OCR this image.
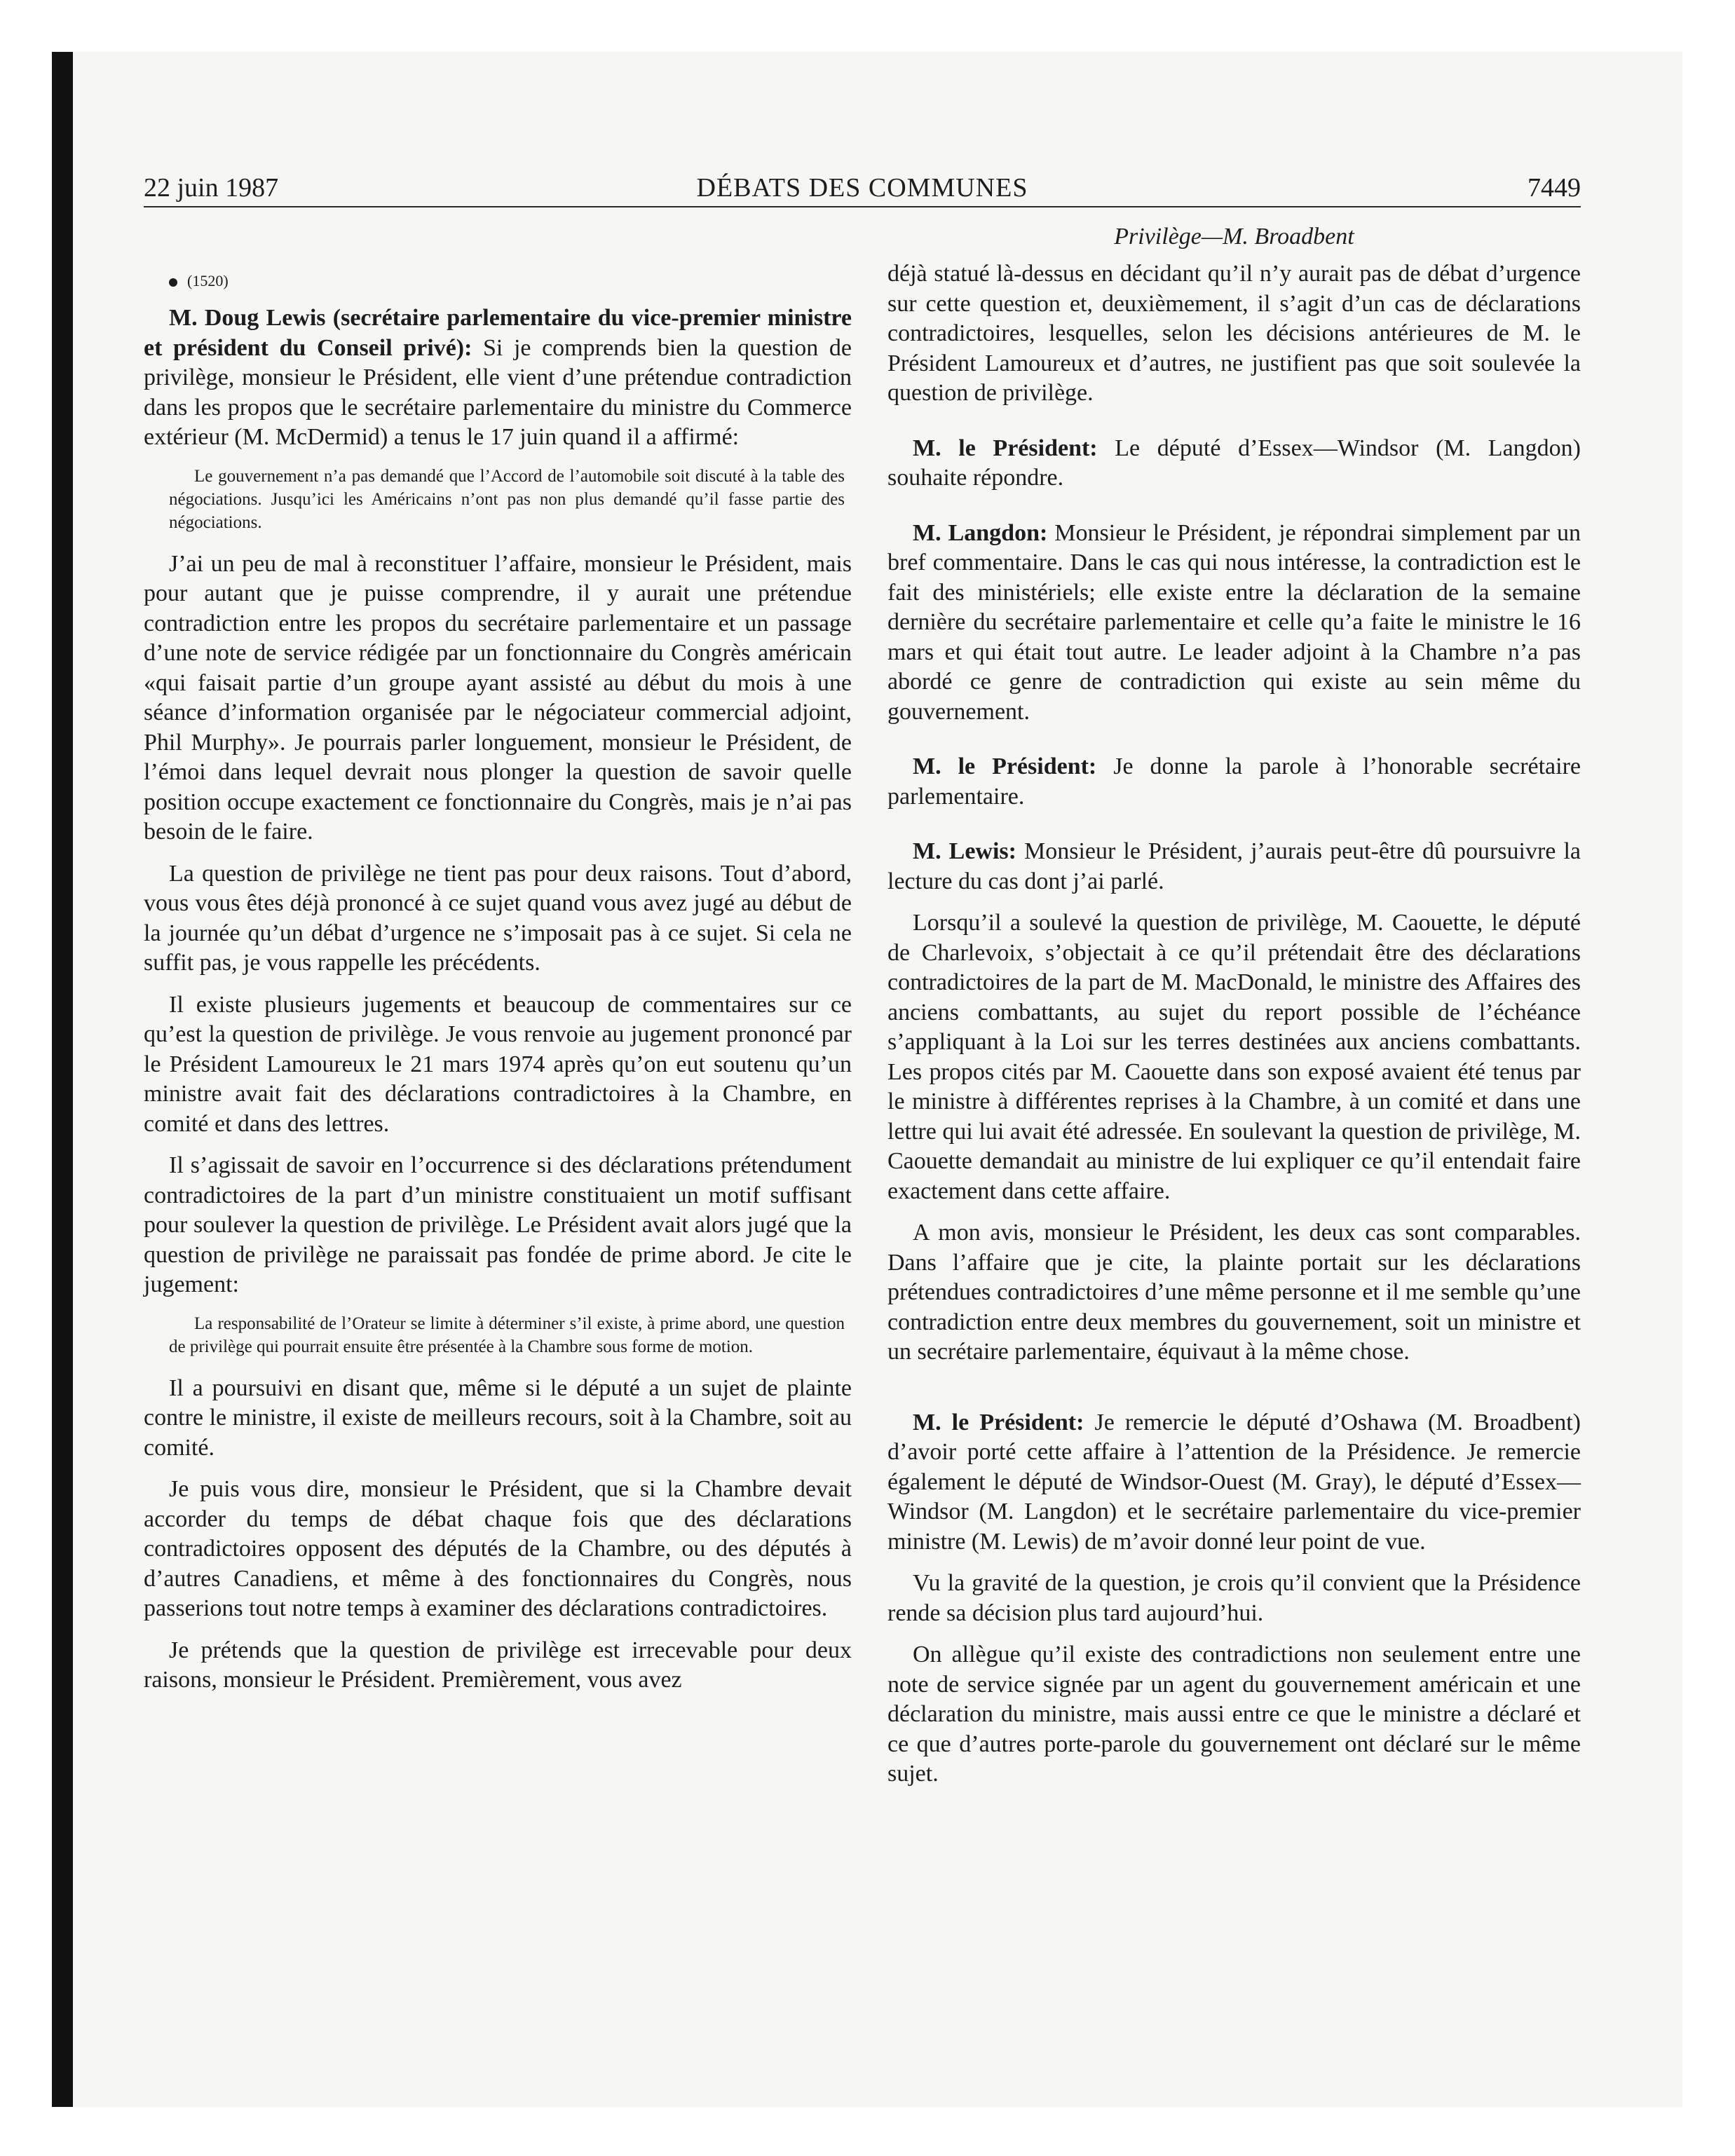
22 juin 1987	DÉBATS DES COMMUNES	7449
Privilège—M. Broadbent

(1520)

M. Doug Lewis (secrétaire parlementaire du vice-premier ministre et président du Conseil privé): Si je comprends bien la question de privilège, monsieur le Président, elle vient d’une prétendue contradiction dans les propos que le secrétaire parlementaire du ministre du Commerce extérieur (M. McDermid) a tenus le 17 juin quand il a affirmé:

Le gouvernement n’a pas demandé que l’Accord de l’automobile soit discuté à la table des négociations. Jusqu’ici les Américains n’ont pas non plus demandé qu’il fasse partie des négociations.

J’ai un peu de mal à reconstituer l’affaire, monsieur le Président, mais pour autant que je puisse comprendre, il y aurait une prétendue contradiction entre les propos du secrétaire parlementaire et un passage d’une note de service rédigée par un fonctionnaire du Congrès américain «qui faisait partie d’un groupe ayant assisté au début du mois à une séance d’information organisée par le négociateur commercial adjoint, Phil Murphy». Je pourrais parler longuement, monsieur le Président, de l’émoi dans lequel devrait nous plonger la question de savoir quelle position occupe exactement ce fonctionnaire du Congrès, mais je n’ai pas besoin de le faire.

La question de privilège ne tient pas pour deux raisons. Tout d’abord, vous vous êtes déjà prononcé à ce sujet quand vous avez jugé au début de la journée qu’un débat d’urgence ne s’imposait pas à ce sujet. Si cela ne suffit pas, je vous rappelle les précédents.

Il existe plusieurs jugements et beaucoup de commentaires sur ce qu’est la question de privilège. Je vous renvoie au jugement prononcé par le Président Lamoureux le 21 mars 1974 après qu’on eut soutenu qu’un ministre avait fait des déclarations contradictoires à la Chambre, en comité et dans des lettres.

Il s’agissait de savoir en l’occurrence si des déclarations prétendument contradictoires de la part d’un ministre constituaient un motif suffisant pour soulever la question de privilège. Le Président avait alors jugé que la question de privilège ne paraissait pas fondée de prime abord. Je cite le jugement:

La responsabilité de l’Orateur se limite à déterminer s’il existe, à prime abord, une question de privilège qui pourrait ensuite être présentée à la Chambre sous forme de motion.

Il a poursuivi en disant que, même si le député a un sujet de plainte contre le ministre, il existe de meilleurs recours, soit à la Chambre, soit au comité.

Je puis vous dire, monsieur le Président, que si la Chambre devait accorder du temps de débat chaque fois que des déclarations contradictoires opposent des députés de la Chambre, ou des députés à d’autres Canadiens, et même à des fonctionnaires du Congrès, nous passerions tout notre temps à examiner des déclarations contradictoires.

Je prétends que la question de privilège est irrecevable pour deux raisons, monsieur le Président. Premièrement, vous avez

déjà statué là-dessus en décidant qu’il n’y aurait pas de débat d’urgence sur cette question et, deuxièmement, il s’agit d’un cas de déclarations contradictoires, lesquelles, selon les décisions antérieures de M. le Président Lamoureux et d’autres, ne justifient pas que soit soulevée la question de privilège.

M. le Président: Le député d’Essex—Windsor (M. Langdon) souhaite répondre.

M. Langdon: Monsieur le Président, je répondrai simplement par un bref commentaire. Dans le cas qui nous intéresse, la contradiction est le fait des ministériels; elle existe entre la déclaration de la semaine dernière du secrétaire parlementaire et celle qu’a faite le ministre le 16 mars et qui était tout autre. Le leader adjoint à la Chambre n’a pas abordé ce genre de contradiction qui existe au sein même du gouvernement.

M. le Président: Je donne la parole à l’honorable secrétaire parlementaire.

M. Lewis: Monsieur le Président, j’aurais peut-être dû poursuivre la lecture du cas dont j’ai parlé.

Lorsqu’il a soulevé la question de privilège, M. Caouette, le député de Charlevoix, s’objectait à ce qu’il prétendait être des déclarations contradictoires de la part de M. MacDonald, le ministre des Affaires des anciens combattants, au sujet du report possible de l’échéance s’appliquant à la Loi sur les terres destinées aux anciens combattants. Les propos cités par M. Caouette dans son exposé avaient été tenus par le ministre à différentes reprises à la Chambre, à un comité et dans une lettre qui lui avait été adressée. En soulevant la question de privilège, M. Caouette demandait au ministre de lui expliquer ce qu’il entendait faire exactement dans cette affaire.

A mon avis, monsieur le Président, les deux cas sont comparables. Dans l’affaire que je cite, la plainte portait sur les déclarations prétendues contradictoires d’une même personne et il me semble qu’une contradiction entre deux membres du gouvernement, soit un ministre et un secrétaire parlementaire, équivaut à la même chose.

M. le Président: Je remercie le député d’Oshawa (M. Broadbent) d’avoir porté cette affaire à l’attention de la Présidence. Je remercie également le député de Windsor-Ouest (M. Gray), le député d’Essex—Windsor (M. Langdon) et le secrétaire parlementaire du vice-premier ministre (M. Lewis) de m’avoir donné leur point de vue.

Vu la gravité de la question, je crois qu’il convient que la Présidence rende sa décision plus tard aujourd’hui.

On allègue qu’il existe des contradictions non seulement entre une note de service signée par un agent du gouvernement américain et une déclaration du ministre, mais aussi entre ce que le ministre a déclaré et ce que d’autres porte-parole du gouvernement ont déclaré sur le même sujet.
